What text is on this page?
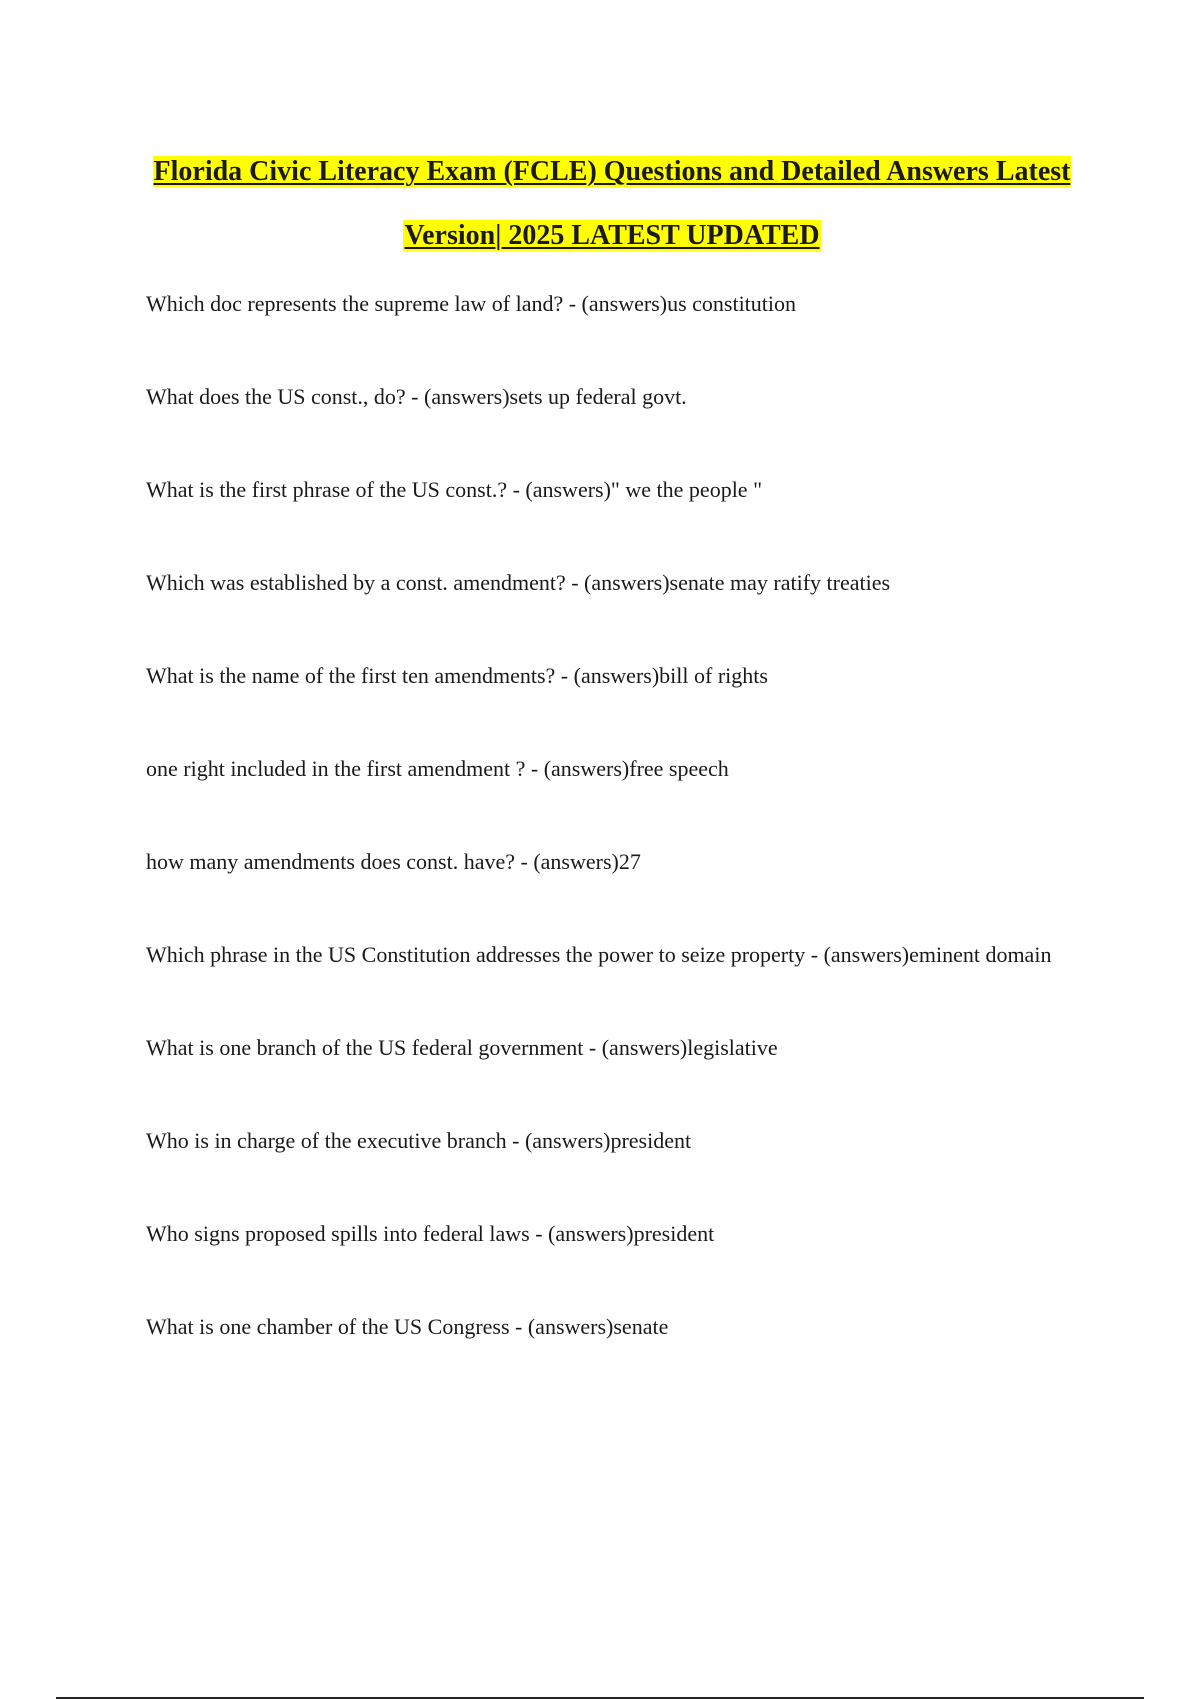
Florida Civic Literacy Exam (FCLE) Questions and Detailed Answers Latest

Version| 2025 LATEST UPDATED

Which doc represents the supreme law of land? - (answers)us constitution
What does the US const., do? - (answers)sets up federal govt.
What is the first phrase of the US const.? - (answers)" we the people "
Which was established by a const. amendment? - (answers)senate may ratify treaties
What is the name of the first ten amendments? - (answers)bill of rights
one right included in the first amendment ? - (answers)free speech
how many amendments does const. have? - (answers)27
Which phrase in the US Constitution addresses the power to seize property - (answers)eminent domain
What is one branch of the US federal government - (answers)legislative
Who is in charge of the executive branch - (answers)president
Who signs proposed spills into federal laws - (answers)president
What is one chamber of the US Congress - (answers)senate
